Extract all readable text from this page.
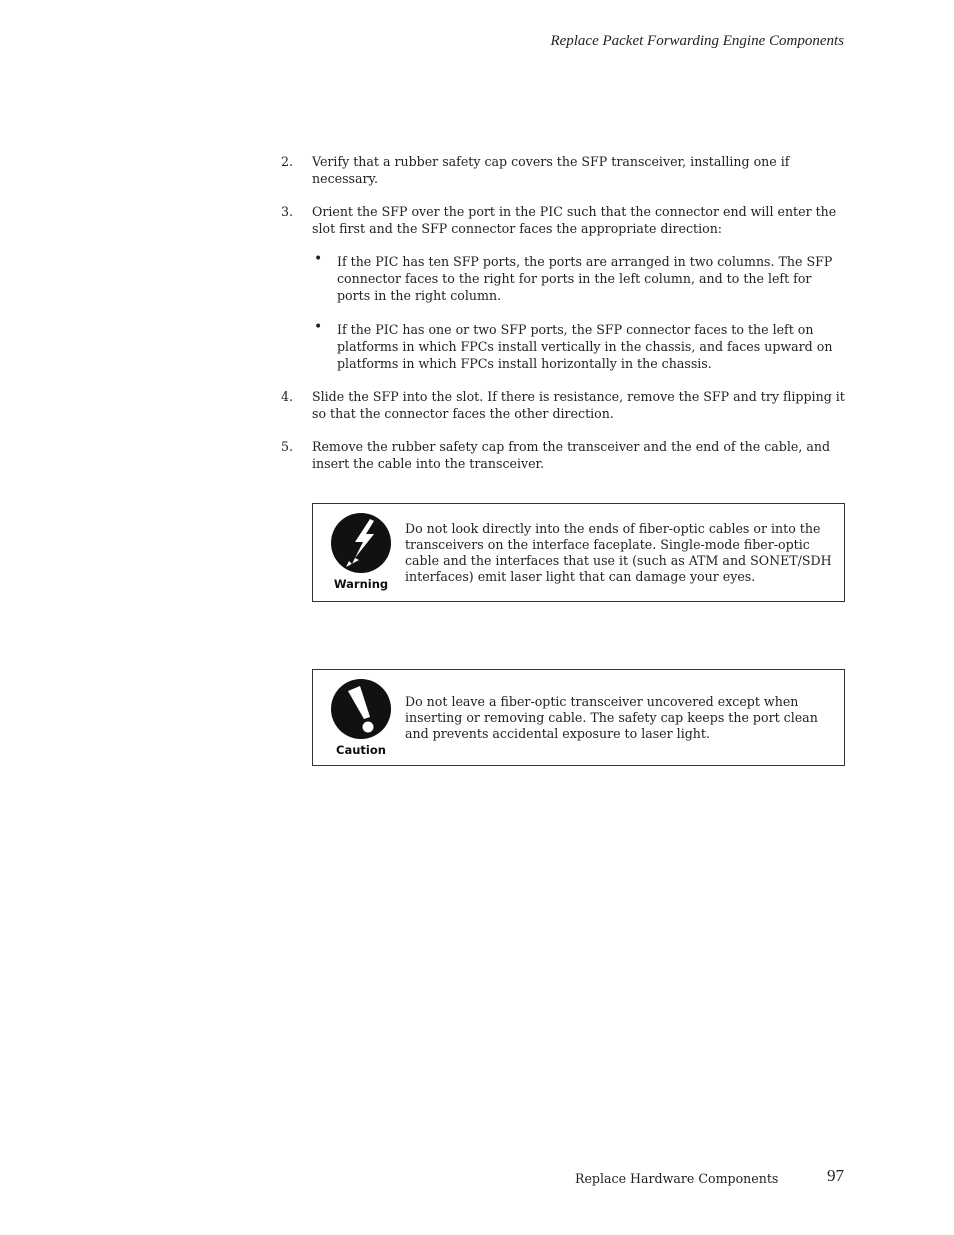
Replace Packet Forwarding Engine Components
2. Verify that a rubber safety cap covers the SFP transceiver, installing one if necessary.
3. Orient the SFP over the port in the PIC such that the connector end will enter the slot first and the SFP connector faces the appropriate direction:
• If the PIC has ten SFP ports, the ports are arranged in two columns. The SFP connector faces to the right for ports in the left column, and to the left for ports in the right column.
• If the PIC has one or two SFP ports, the SFP connector faces to the left on platforms in which FPCs install vertically in the chassis, and faces upward on platforms in which FPCs install horizontally in the chassis.
4. Slide the SFP into the slot. If there is resistance, remove the SFP and try flipping it so that the connector faces the other direction.
5. Remove the rubber safety cap from the transceiver and the end of the cable, and insert the cable into the transceiver.
Warning
Do not look directly into the ends of fiber-optic cables or into the transceivers on the interface faceplate. Single-mode fiber-optic cable and the interfaces that use it (such as ATM and SONET/SDH interfaces) emit laser light that can damage your eyes.
Caution
Do not leave a fiber-optic transceiver uncovered except when inserting or removing cable. The safety cap keeps the port clean and prevents accidental exposure to laser light.
Replace Hardware Components	97
